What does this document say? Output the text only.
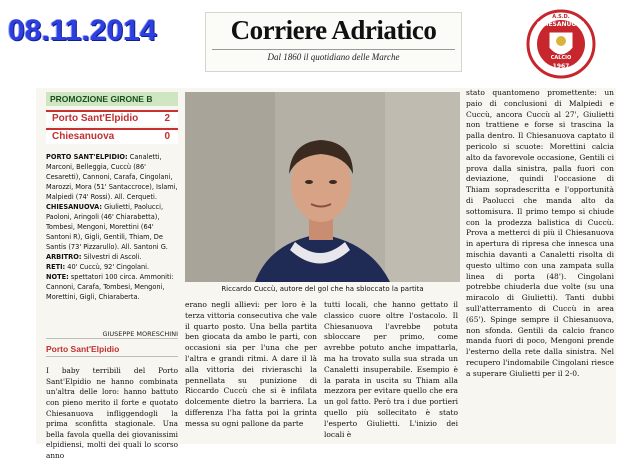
08.11.2014	Corriere Adriatico
Dal 1860 il quotidiano delle Marche
A.S.D.
CHIESANUOVA
CALCIO
1967
PROMOZIONE GIRONE B
Porto Sant'Elpidio	2
Chiesanuova	0

PORTO SANT'ELPIDIO: Canaletti, Marconi, Belleggia, Cuccù (86' Cesaretti), Cannoni, Carafa, Cingolani, Marozzi, Mora (51' Santaccroce), Islami, Malpiedi (74' Rossi). All. Cerqueti.

CHIESANUOVA: Giulietti, Paolucci, Paoloni, Aringoli (46' Chiarabetta), Tombesi, Mengoni, Morettini (64' Santoni R), Gigli, Gentili, Thiam, De Santis (73' Pizzarullo). All. Santoni G.

ARBITRO: Silvestri di Ascoli.

RETI: 40' Cuccù, 92' Cingolani.

NOTE: spettatori 100 circa. Ammoniti: Cannoni, Carafa, Tombesi, Mengoni, Morettini, Gigli, Chiaraberta.

GIUSEPPE MORESCHINI
Porto Sant'Elpidio

I baby terribili del Porto Sant'Elpidio ne hanno combinata un'altra delle loro: hanno battuto con pieno merito il forte e quotato Chiesanuova infliggendogli la prima sconfitta stagionale. Una bella favola quella dei giovanissimi elpidiensi, molti dei quali lo scorso anno

Riccardo Cuccù, autore del gol che ha sbloccato la partita

erano negli allievi: per loro è la terza vittoria consecutiva che vale il quarto posto. Una bella partita ben giocata da ambo le parti, con occasioni sia per l'una che per l'altra e grandi ritmi. A dare il là alla vittoria dei rivieraschi la pennellata su punizione di Riccardo Cuccù che si è infilata dolcemente dietro la barriera. La differenza l'ha fatta poi la grinta messa su ogni pallone da parte

tutti locali, che hanno gettato il classico cuore oltre l'ostacolo. Il Chiesanuova l'avrebbe potuta sbloccare per primo, come avrebbe potuto anche impattarla, ma ha trovato sulla sua strada un Canaletti insuperabile. Esempio è la parata in uscita su Thiam alla mezzora per evitare quello che era un gol fatto. Però tra i due portieri quello più sollecitato è stato l'esperto Giulietti. L'inizio dei locali è

stato quantomeno promettente: un paio di conclusioni di Malpiedi e Cuccù, ancora Cuccù al 27', Giulietti non trattiene e forse si trascina la palla dentro. Il Chiesanuova captato il pericolo si scuote: Morettini calcia alto da favorevole occasione, Gentili ci prova dalla sinistra, palla fuori con deviazione, quindi l'occasione di Thiam sopradescritta e l'opportunità di Paolucci che manda alto da sottomisura. Il primo tempo si chiude con la prodezza balistica di Cuccù. Prova a metterci di più il Chiesanuova in apertura di ripresa che innesca una mischia davanti a Canaletti risolta di questo ultimo con una zampata sulla linea di porta (48'). Cingolani potrebbe chiuderla due volte (su una miracolo di Giulietti). Tanti dubbi sull'atterramento di Cuccù in area (65'). Spinge sempre il Chiesanuova, non sfonda. Gentili da calcio franco manda fuori di poco, Mengoni prende l'esterno della rete dalla sinistra. Nel recupero l'indomabile Cingolani riesce a superare Giulietti per il 2-0.
